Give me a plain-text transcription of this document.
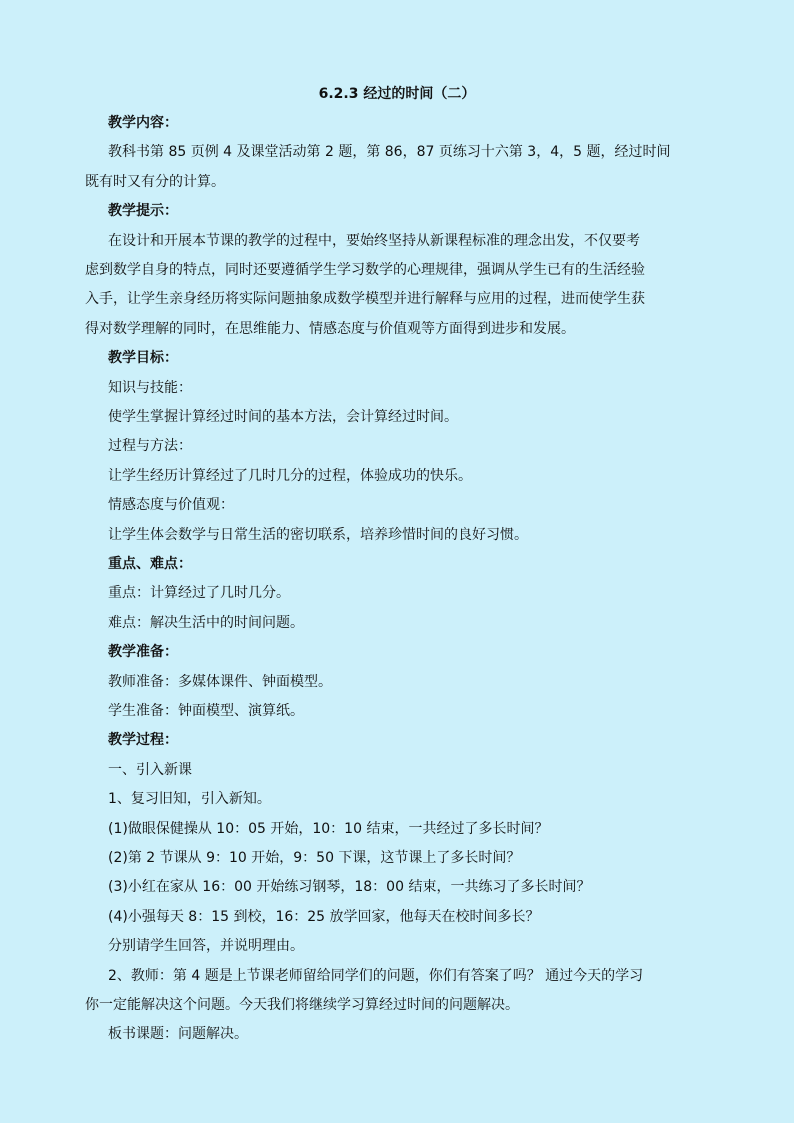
6.2.3 经过的时间（二）
教学内容：
教科书第 85 页例 4 及课堂活动第 2 题，第 86，87 页练习十六第 3，4，5 题，经过时间
既有时又有分的计算。
教学提示：
在设计和开展本节课的教学的过程中，要始终坚持从新课程标准的理念出发，不仅要考
虑到数学自身的特点，同时还要遵循学生学习数学的心理规律，强调从学生已有的生活经验
入手，让学生亲身经历将实际问题抽象成数学模型并进行解释与应用的过程，进而使学生获
得对数学理解的同时，在思维能力、情感态度与价值观等方面得到进步和发展。
教学目标：
知识与技能：
使学生掌握计算经过时间的基本方法，会计算经过时间。
过程与方法：
让学生经历计算经过了几时几分的过程，体验成功的快乐。
情感态度与价值观：
让学生体会数学与日常生活的密切联系，培养珍惜时间的良好习惯。
重点、难点：
重点：计算经过了几时几分。
难点：解决生活中的时间问题。
教学准备：
教师准备：多媒体课件、钟面模型。
学生准备：钟面模型、演算纸。
教学过程：
一、引入新课
1、复习旧知，引入新知。
(1)做眼保健操从 10：05 开始，10：10 结束，一共经过了多长时间？
(2)第 2 节课从 9：10 开始，9：50 下课，这节课上了多长时间？
(3)小红在家从 16：00 开始练习钢琴，18：00 结束，一共练习了多长时间？
(4)小强每天 8：15 到校，16：25 放学回家，他每天在校时间多长？
分别请学生回答，并说明理由。
2、教师：第 4 题是上节课老师留给同学们的问题，你们有答案了吗？ 通过今天的学习
你一定能解决这个问题。今天我们将继续学习算经过时间的问题解决。
板书课题：问题解决。
